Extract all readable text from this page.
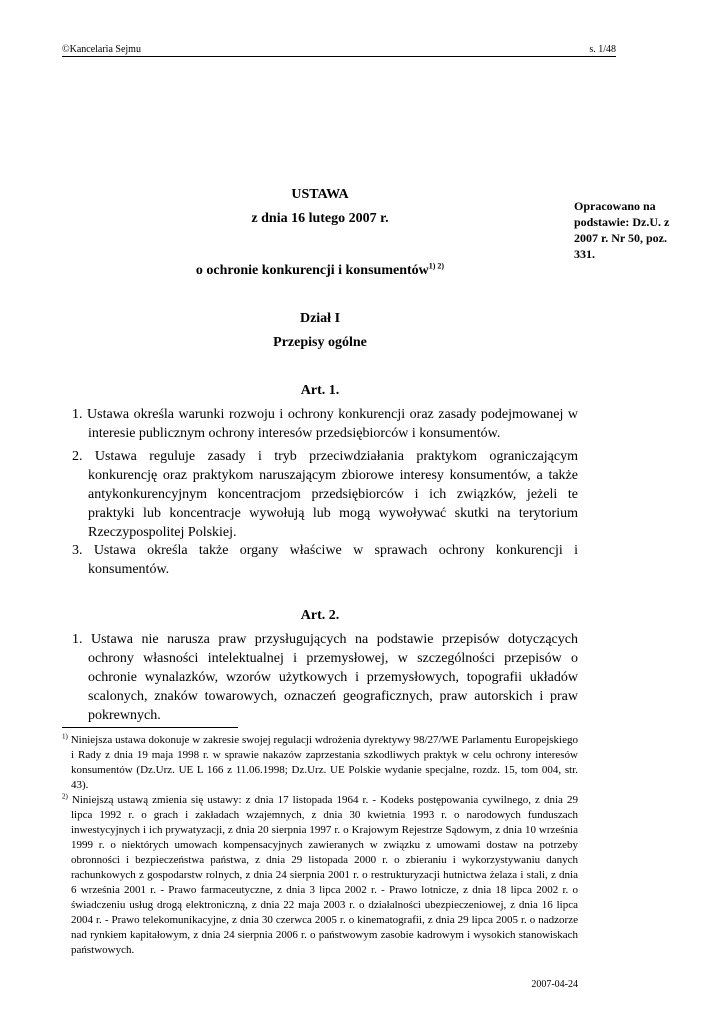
©Kancelaria Sejmu	s. 1/48
Opracowano na podstawie: Dz.U. z 2007 r. Nr 50, poz. 331.
USTAWA
z dnia 16 lutego 2007 r.
o ochronie konkurencji i konsumentów$^{1) 2)}$
Dział I
Przepisy ogólne
Art. 1.
1. Ustawa określa warunki rozwoju i ochrony konkurencji oraz zasady podejmowanej w interesie publicznym ochrony interesów przedsiębiorców i konsumentów.
2. Ustawa reguluje zasady i tryb przeciwdziałania praktykom ograniczającym konkurencję oraz praktykom naruszającym zbiorowe interesy konsumentów, a także antykonkurencyjnym koncentracjom przedsiębiorców i ich związków, jeżeli te praktyki lub koncentracje wywołują lub mogą wywoływać skutki na terytorium Rzeczypospolitej Polskiej.
3. Ustawa określa także organy właściwe w sprawach ochrony konkurencji i konsumentów.
Art. 2.
1. Ustawa nie narusza praw przysługujących na podstawie przepisów dotyczących ochrony własności intelektualnej i przemysłowej, w szczególności przepisów o ochronie wynalazków, wzorów użytkowych i przemysłowych, topografii układów scalonych, znaków towarowych, oznaczeń geograficznych, praw autorskich i praw pokrewnych.
$^{1)}$ Niniejsza ustawa dokonuje w zakresie swojej regulacji wdrożenia dyrektywy 98/27/WE Parlamentu Europejskiego i Rady z dnia 19 maja 1998 r. w sprawie nakazów zaprzestania szkodliwych praktyk w celu ochrony interesów konsumentów (Dz.Urz. UE L 166 z 11.06.1998; Dz.Urz. UE Polskie wydanie specjalne, rozdz. 15, tom 004, str. 43).
$^{2)}$ Niniejszą ustawą zmienia się ustawy: z dnia 17 listopada 1964 r. - Kodeks postępowania cywilnego, z dnia 29 lipca 1992 r. o grach i zakładach wzajemnych, z dnia 30 kwietnia 1993 r. o narodowych funduszach inwestycyjnych i ich prywatyzacji, z dnia 20 sierpnia 1997 r. o Krajowym Rejestrze Sądowym, z dnia 10 września 1999 r. o niektórych umowach kompensacyjnych zawieranych w związku z umowami dostaw na potrzeby obronności i bezpieczeństwa państwa, z dnia 29 listopada 2000 r. o zbieraniu i wykorzystywaniu danych rachunkowych z gospodarstw rolnych, z dnia 24 sierpnia 2001 r. o restrukturyzacji hutnictwa żelaza i stali, z dnia 6 września 2001 r. - Prawo farmaceutyczne, z dnia 3 lipca 2002 r. - Prawo lotnicze, z dnia 18 lipca 2002 r. o świadczeniu usług drogą elektroniczną, z dnia 22 maja 2003 r. o działalności ubezpieczeniowej, z dnia 16 lipca 2004 r. - Prawo telekomunikacyjne, z dnia 30 czerwca 2005 r. o kinematografii, z dnia 29 lipca 2005 r. o nadzorze nad rynkiem kapitałowym, z dnia 24 sierpnia 2006 r. o państwowym zasobie kadrowym i wysokich stanowiskach państwowych.
2007-04-24
